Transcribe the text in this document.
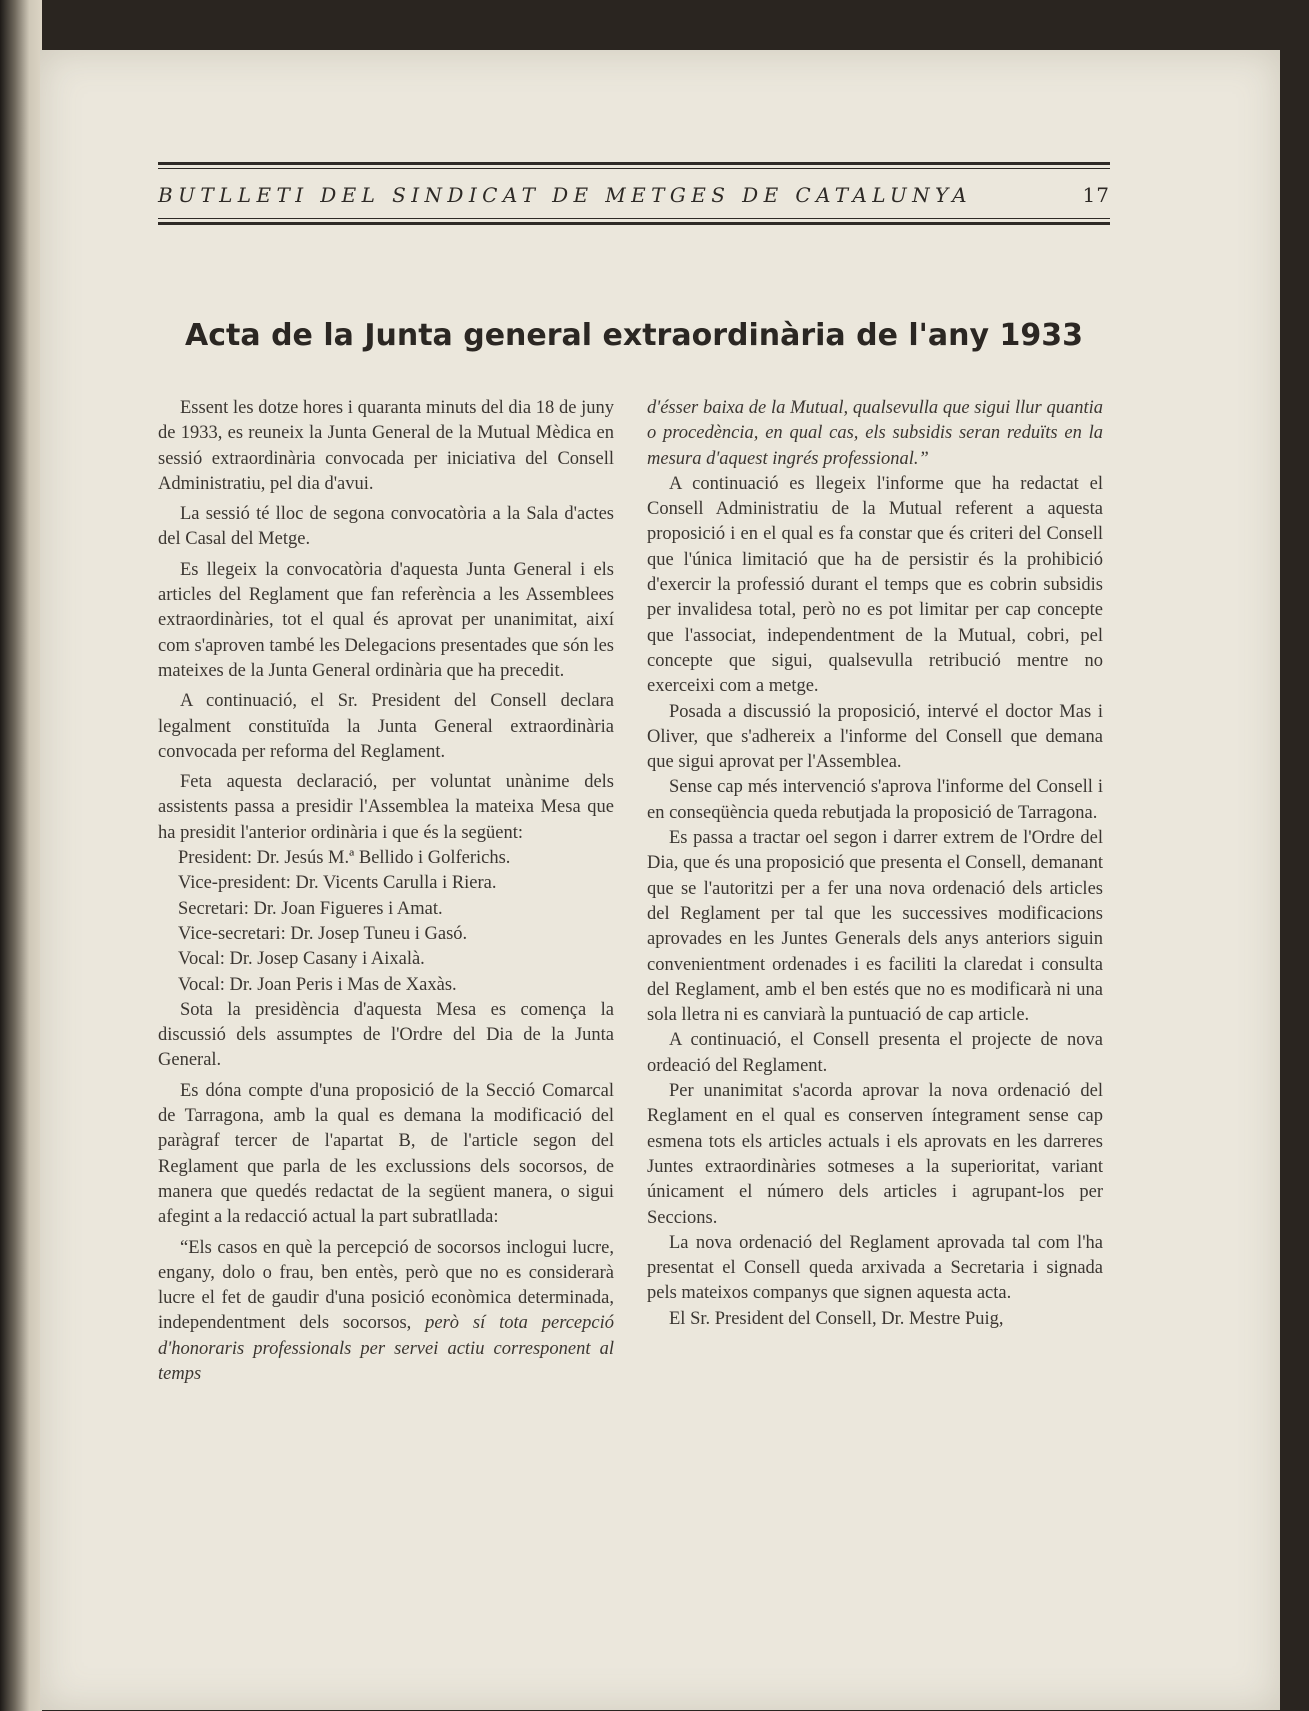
BUTLLETI DEL SINDICAT DE METGES DE CATALUNYA	17
Acta de la Junta general extraordinària de l'any 1933

Essent les dotze hores i quaranta minuts del dia 18 de juny de 1933, es reuneix la Junta General de la Mutual Mèdica en sessió extraordinària convocada per iniciativa del Consell Administratiu, pel dia d'avui.

La sessió té lloc de segona convocatòria a la Sala d'actes del Casal del Metge.

Es llegeix la convocatòria d'aquesta Junta General i els articles del Reglament que fan referència a les Assemblees extraordinàries, tot el qual és aprovat per unanimitat, així com s'aproven també les Delegacions presentades que són les mateixes de la Junta General ordinària que ha precedit.

A continuació, el Sr. President del Consell declara legalment constituïda la Junta General extraordinària convocada per reforma del Reglament.

Feta aquesta declaració, per voluntat unànime dels assistents passa a presidir l'Assemblea la mateixa Mesa que ha presidit l'anterior ordinària i que és la següent:

President: Dr. Jesús M.ª Bellido i Golferichs.

Vice-president: Dr. Vicents Carulla i Riera.

Secretari: Dr. Joan Figueres i Amat.

Vice-secretari: Dr. Josep Tuneu i Gasó.

Vocal: Dr. Josep Casany i Aixalà.

Vocal: Dr. Joan Peris i Mas de Xaxàs.

Sota la presidència d'aquesta Mesa es comença la discussió dels assumptes de l'Ordre del Dia de la Junta General.

Es dóna compte d'una proposició de la Secció Comarcal de Tarragona, amb la qual es demana la modificació del paràgraf tercer de l'apartat B, de l'article segon del Reglament que parla de les exclussions dels socorsos, de manera que quedés redactat de la següent manera, o sigui afegint a la redacció actual la part subratllada:

“Els casos en què la percepció de socorsos inclogui lucre, engany, dolo o frau, ben entès, però que no es considerarà lucre el fet de gaudir d'una posició econòmica determinada, independentment dels socorsos, però sí tota percepció d'honoraris professionals per servei actiu corresponent al temps

d'ésser baixa de la Mutual, qualsevulla que sigui llur quantia o procedència, en qual cas, els subsidis seran reduïts en la mesura d'aquest ingrés professional.”

A continuació es llegeix l'informe que ha redactat el Consell Administratiu de la Mutual referent a aquesta proposició i en el qual es fa constar que és criteri del Consell que l'única limitació que ha de persistir és la prohibició d'exercir la professió durant el temps que es cobrin subsidis per invalidesa total, però no es pot limitar per cap concepte que l'associat, independentment de la Mutual, cobri, pel concepte que sigui, qualsevulla retribució mentre no exerceixi com a metge.

Posada a discussió la proposició, intervé el doctor Mas i Oliver, que s'adhereix a l'informe del Consell que demana que sigui aprovat per l'Assemblea.

Sense cap més intervenció s'aprova l'informe del Consell i en conseqüència queda rebutjada la proposició de Tarragona.

Es passa a tractar oel segon i darrer extrem de l'Ordre del Dia, que és una proposició que presenta el Consell, demanant que se l'autoritzi per a fer una nova ordenació dels articles del Reglament per tal que les successives modificacions aprovades en les Juntes Generals dels anys anteriors siguin convenientment ordenades i es faciliti la claredat i consulta del Reglament, amb el ben estés que no es modificarà ni una sola lletra ni es canviarà la puntuació de cap article.

A continuació, el Consell presenta el projecte de nova ordeació del Reglament.

Per unanimitat s'acorda aprovar la nova ordenació del Reglament en el qual es conserven íntegrament sense cap esmena tots els articles actuals i els aprovats en les darreres Juntes extraordinàries sotmeses a la superioritat, variant únicament el número dels articles i agrupant-los per Seccions.

La nova ordenació del Reglament aprovada tal com l'ha presentat el Consell queda arxivada a Secretaria i signada pels mateixos companys que signen aquesta acta.

El Sr. President del Consell, Dr. Mestre Puig,
